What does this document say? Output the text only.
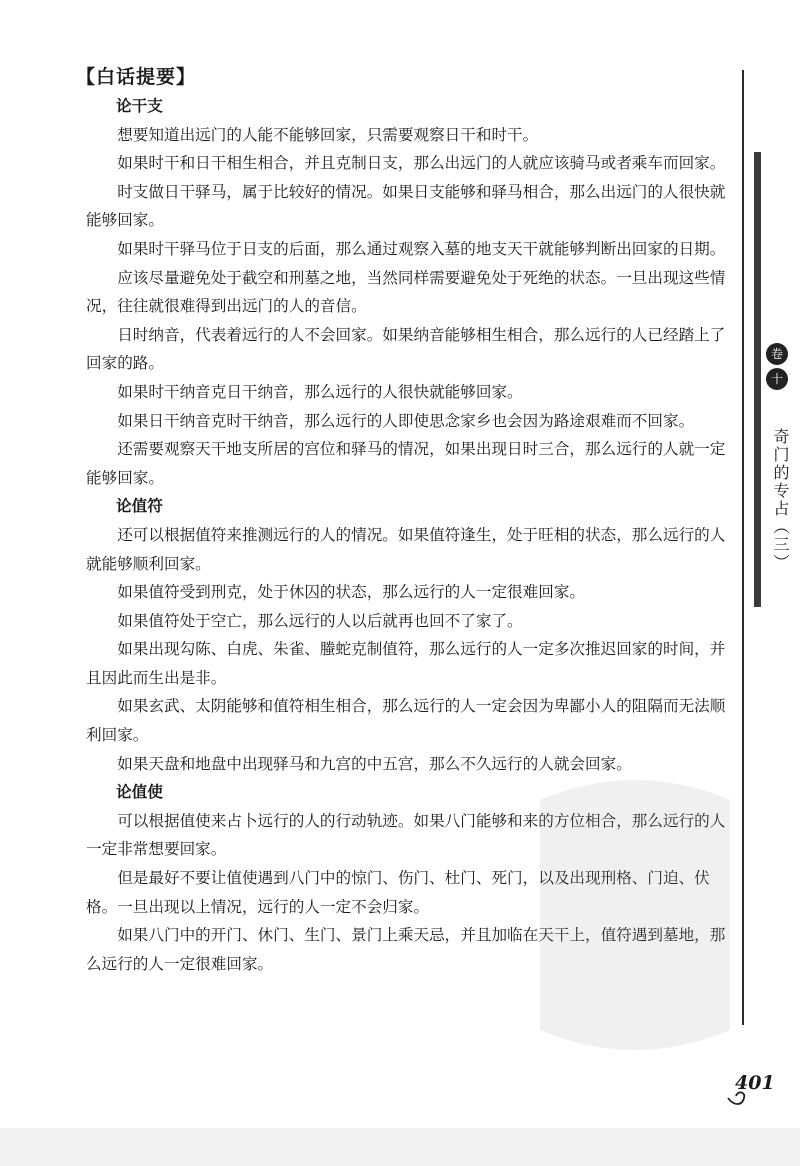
【白话提要】
论干支
想要知道出远门的人能不能够回家，只需要观察日干和时干。
如果时干和日干相生相合，并且克制日支，那么出远门的人就应该骑马或者乘车而回家。
时支做日干驿马，属于比较好的情况。如果日支能够和驿马相合，那么出远门的人很快就能够回家。
如果时干驿马位于日支的后面，那么通过观察入墓的地支天干就能够判断出回家的日期。
应该尽量避免处于截空和刑墓之地，当然同样需要避免处于死绝的状态。一旦出现这些情况，往往就很难得到出远门的人的音信。
日时纳音，代表着远行的人不会回家。如果纳音能够相生相合，那么远行的人已经踏上了回家的路。
如果时干纳音克日干纳音，那么远行的人很快就能够回家。
如果日干纳音克时干纳音，那么远行的人即使思念家乡也会因为路途艰难而不回家。
还需要观察天干地支所居的宫位和驿马的情况，如果出现日时三合，那么远行的人就一定能够回家。
论值符
还可以根据值符来推测远行的人的情况。如果值符逢生，处于旺相的状态，那么远行的人就能够顺利回家。
如果值符受到刑克，处于休囚的状态，那么远行的人一定很难回家。
如果值符处于空亡，那么远行的人以后就再也回不了家了。
如果出现勾陈、白虎、朱雀、螣蛇克制值符，那么远行的人一定多次推迟回家的时间，并且因此而生出是非。
如果玄武、太阴能够和值符相生相合，那么远行的人一定会因为卑鄙小人的阻隔而无法顺利回家。
如果天盘和地盘中出现驿马和九宫的中五宫，那么不久远行的人就会回家。
论值使
可以根据值使来占卜远行的人的行动轨迹。如果八门能够和来的方位相合，那么远行的人一定非常想要回家。
但是最好不要让值使遇到八门中的惊门、伤门、杜门、死门，以及出现刑格、门迫、伏格。一旦出现以上情况，远行的人一定不会归家。
如果八门中的开门、休门、生门、景门上乘天忌，并且加临在天干上，值符遇到墓地，那么远行的人一定很难回家。
卷
十二
奇门的专占（三）
401
